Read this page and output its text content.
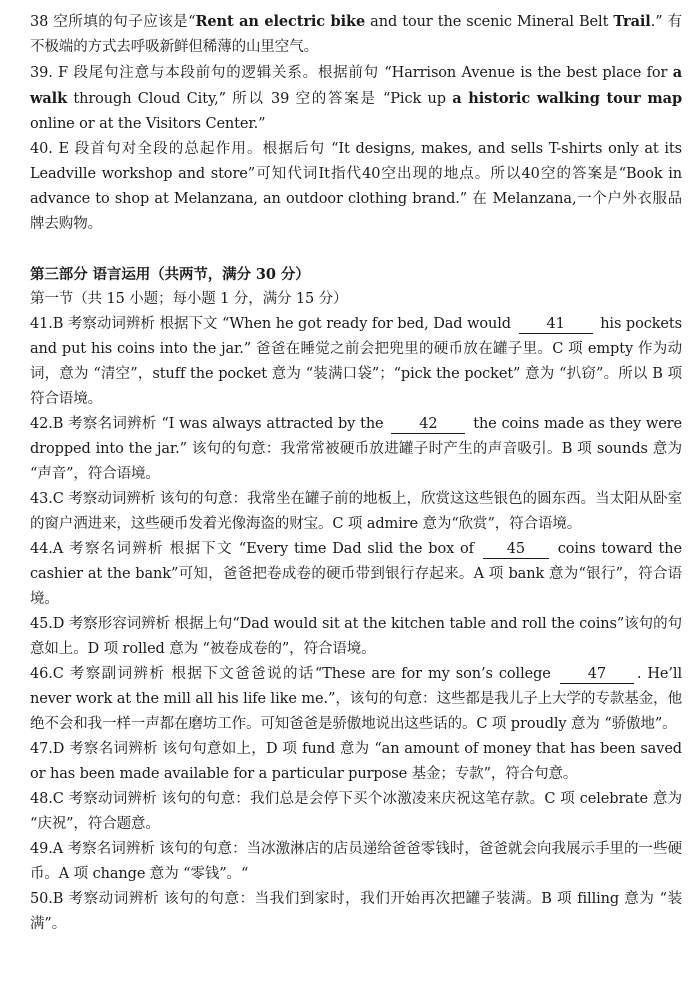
38 空所填的句子应该是“Rent an electric bike and tour the scenic Mineral Belt Trail.” 有不极端的方式去呼吸新鲜但稀薄的山里空气。

39. F 段尾句注意与本段前句的逻辑关系。根据前句 “Harrison Avenue is the best place for a walk through Cloud City,” 所以 39 空的答案是 “Pick up a historic walking tour map online or at the Visitors Center.”

40. E 段首句对全段的总起作用。根据后句 “It designs, makes, and sells T-shirts only at its Leadville workshop and store”可知代词It指代40空出现的地点。所以40空的答案是“Book in advance to shop at Melanzana, an outdoor clothing brand.” 在 Melanzana,一个户外衣服品牌去购物。

第三部分 语言运用（共两节，满分 30 分）

第一节（共 15 小题；每小题 1 分，满分 15 分）

41.B 考察动词辨析 根据下文 “When he got ready for bed, Dad would 41 his pockets and put his coins into the jar.” 爸爸在睡觉之前会把兜里的硬币放在罐子里。C 项 empty 作为动词，意为 “清空”，stuff the pocket 意为 “装满口袋”；“pick the pocket” 意为 “扒窃”。所以 B 项符合语境。

42.B 考察名词辨析 “I was always attracted by the 42 the coins made as they were dropped into the jar.” 该句的句意：我常常被硬币放进罐子时产生的声音吸引。B 项 sounds 意为 “声音”，符合语境。

43.C 考察动词辨析 该句的句意：我常坐在罐子前的地板上，欣赏这这些银色的圆东西。当太阳从卧室的窗户洒进来，这些硬币发着光像海盗的财宝。C 项 admire 意为“欣赏”，符合语境。

44.A 考察名词辨析 根据下文 “Every time Dad slid the box of 45 coins toward the cashier at the bank”可知，爸爸把卷成卷的硬币带到银行存起来。A 项 bank 意为“银行”，符合语境。

45.D 考察形容词辨析 根据上句“Dad would sit at the kitchen table and roll the coins”该句的句意如上。D 项 rolled 意为 “被卷成卷的”，符合语境。

46.C 考察副词辨析 根据下文爸爸说的话“These are for my son’s college 47 . He’ll never work at the mill all his life like me.”，该句的句意：这些都是我儿子上大学的专款基金，他绝不会和我一样一声都在磨坊工作。可知爸爸是骄傲地说出这些话的。C 项 proudly 意为 “骄傲地”。

47.D 考察名词辨析 该句句意如上，D 项 fund 意为 “an amount of money that has been saved or has been made available for a particular purpose 基金；专款”，符合句意。

48.C 考察动词辨析 该句的句意：我们总是会停下买个冰激凌来庆祝这笔存款。C 项 celebrate 意为 “庆祝”，符合题意。

49.A 考察名词辨析 该句的句意：当冰激淋店的店员递给爸爸零钱时，爸爸就会向我展示手里的一些硬币。A 项 change 意为 “零钱”。“

50.B 考察动词辨析 该句的句意：当我们到家时，我们开始再次把罐子装满。B 项 filling 意为 “装满”。
